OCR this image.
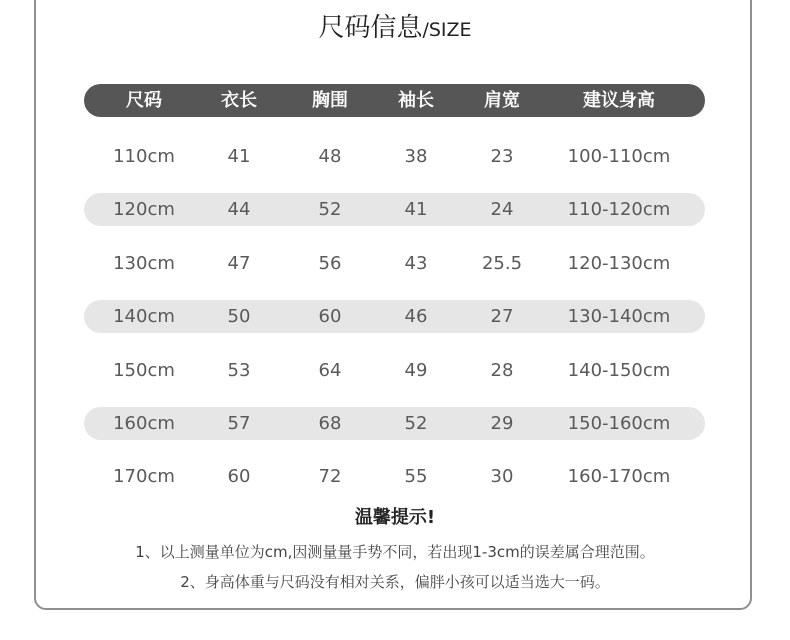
尺码信息/SIZE
尺码	衣长	胸围	袖长	肩宽	建议身高
110cm	41	48	38	23	100-110cm
120cm	44	52	41	24	110-120cm
130cm	47	56	43	25.5	120-130cm
140cm	50	60	46	27	130-140cm
150cm	53	64	49	28	140-150cm
160cm	57	68	52	29	150-160cm
170cm	60	72	55	30	160-170cm
温馨提示!
1、以上测量单位为cm,因测量量手势不同，若出现1-3cm的误差属合理范围。
2、身高体重与尺码没有相对关系，偏胖小孩可以适当选大一码。
